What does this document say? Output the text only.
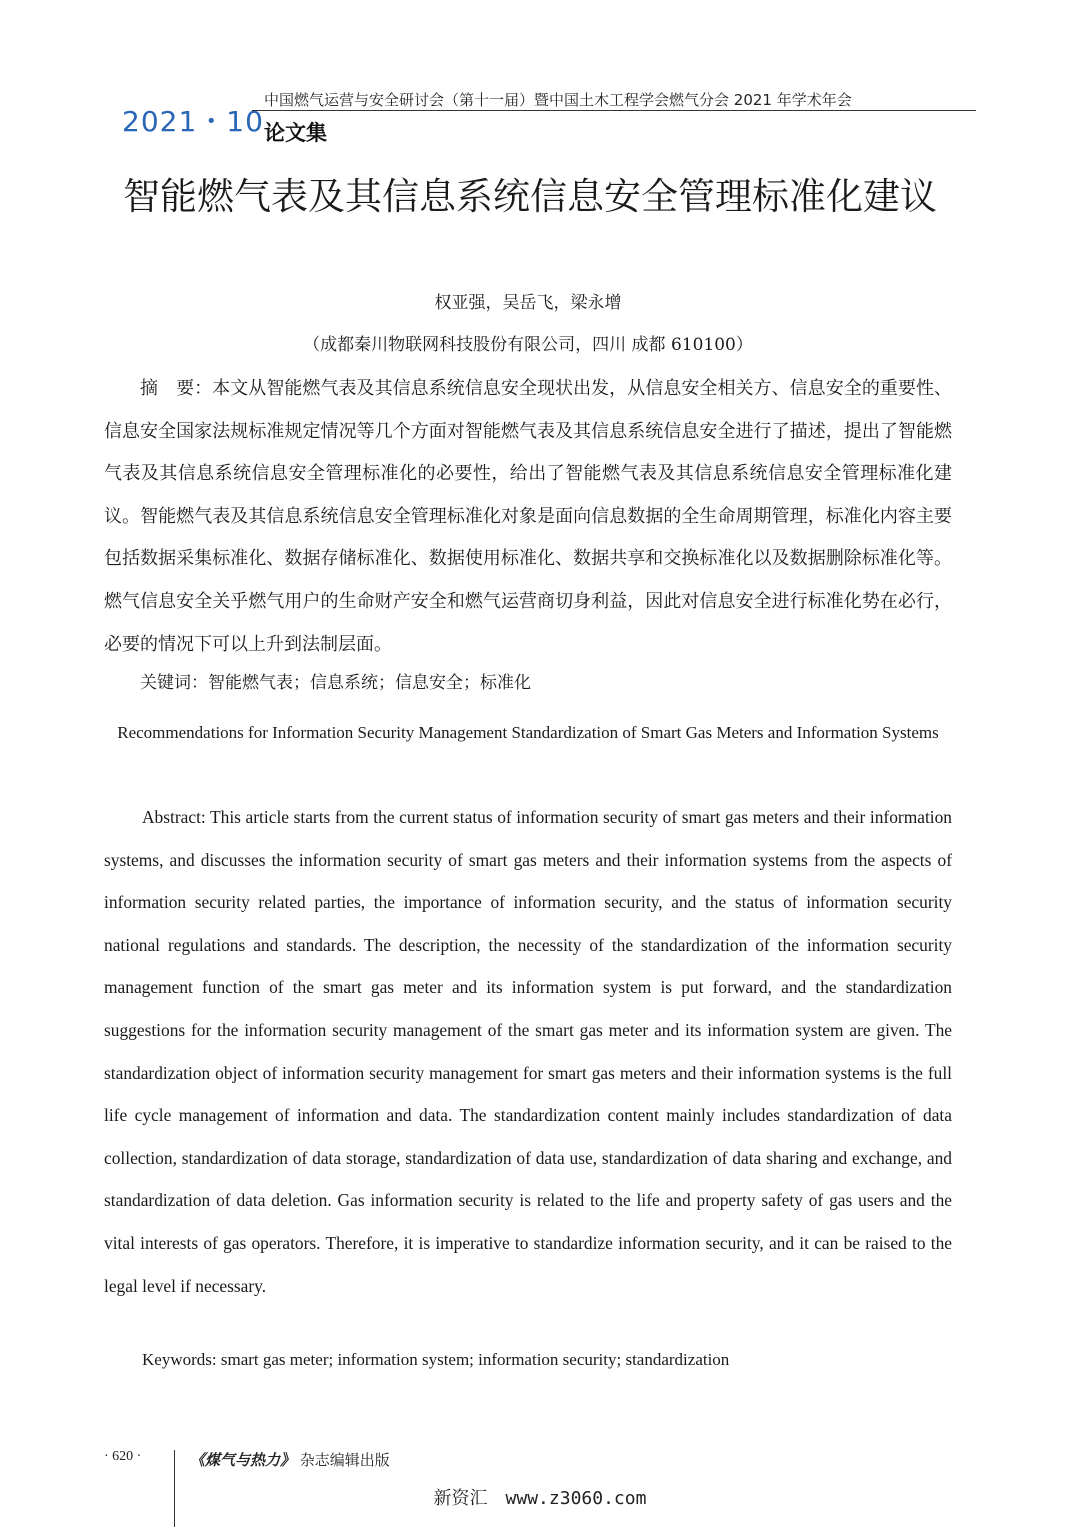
2021・10
中国燃气运营与安全研讨会（第十一届）暨中国土木工程学会燃气分会 2021 年学术年会
论文集
智能燃气表及其信息系统信息安全管理标准化建议
权亚强，吴岳飞，梁永增
（成都秦川物联网科技股份有限公司，四川 成都 610100）

摘　要：本文从智能燃气表及其信息系统信息安全现状出发，从信息安全相关方、信息安全的重要性、信息安全国家法规标准规定情况等几个方面对智能燃气表及其信息系统信息安全进行了描述，提出了智能燃气表及其信息系统信息安全管理标准化的必要性，给出了智能燃气表及其信息系统信息安全管理标准化建议。智能燃气表及其信息系统信息安全管理标准化对象是面向信息数据的全生命周期管理，标准化内容主要包括数据采集标准化、数据存储标准化、数据使用标准化、数据共享和交换标准化以及数据删除标准化等。燃气信息安全关乎燃气用户的生命财产安全和燃气运营商切身利益，因此对信息安全进行标准化势在必行，必要的情况下可以上升到法制层面。

关键词：智能燃气表；信息系统；信息安全；标准化
Recommendations for Information Security Management Standardization of Smart Gas Meters and Information Systems

Abstract: This article starts from the current status of information security of smart gas meters and their information systems, and discusses the information security of smart gas meters and their information systems from the aspects of information security related parties, the importance of information security, and the status of information security national regulations and standards. The description, the necessity of the standardization of the information security management function of the smart gas meter and its information system is put forward, and the standardization suggestions for the information security management of the smart gas meter and its information system are given. The standardization object of information security management for smart gas meters and their information systems is the full life cycle management of information and data. The standardization content mainly includes standardization of data collection, standardization of data storage, standardization of data use, standardization of data sharing and exchange, and standardization of data deletion. Gas information security is related to the life and property safety of gas users and the vital interests of gas operators. Therefore, it is imperative to standardize information security, and it can be raised to the legal level if necessary.

Keywords: smart gas meter; information system; information security; standardization
· 620 ·	《煤气与热力》 杂志编辑出版
新资汇　www.z3060.com
